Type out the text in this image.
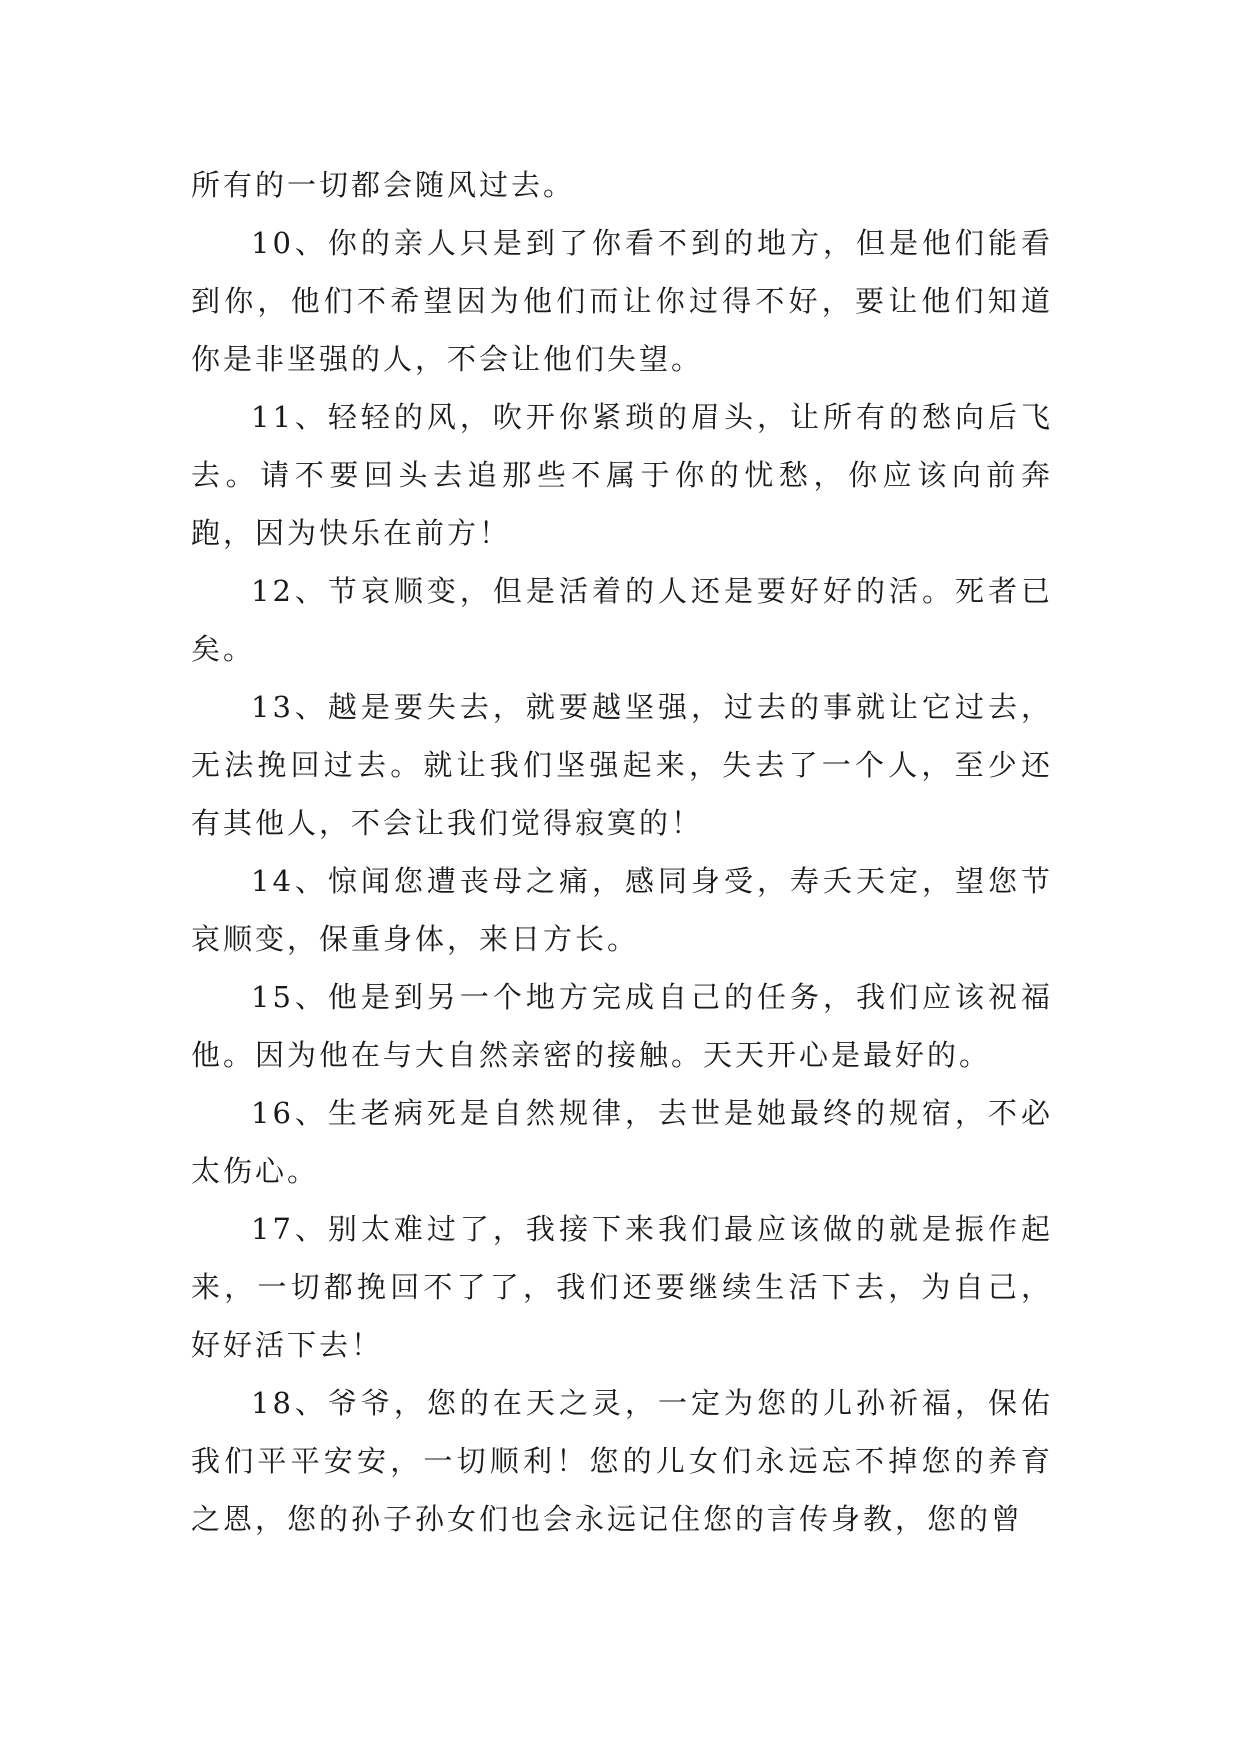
所有的一切都会随风过去。

10、你的亲人只是到了你看不到的地方，但是他们能看到你，他们不希望因为他们而让你过得不好，要让他们知道你是非坚强的人，不会让他们失望。

11、轻轻的风，吹开你紧琐的眉头，让所有的愁向后飞去。请不要回头去追那些不属于你的忧愁，你应该向前奔跑，因为快乐在前方！

12、节哀顺变，但是活着的人还是要好好的活。死者已矣。

13、越是要失去，就要越坚强，过去的事就让它过去，无法挽回过去。就让我们坚强起来，失去了一个人，至少还有其他人，不会让我们觉得寂寞的！

14、惊闻您遭丧母之痛，感同身受，寿夭天定，望您节哀顺变，保重身体，来日方长。

15、他是到另一个地方完成自己的任务，我们应该祝福他。因为他在与大自然亲密的接触。天天开心是最好的。

16、生老病死是自然规律，去世是她最终的规宿，不必太伤心。

17、别太难过了，我接下来我们最应该做的就是振作起来，一切都挽回不了了，我们还要继续生活下去，为自己，好好活下去！

18、爷爷，您的在天之灵，一定为您的儿孙祈福，保佑我们平平安安，一切顺利！您的儿女们永远忘不掉您的养育之恩，您的孙子孙女们也会永远记住您的言传身教，您的曾
